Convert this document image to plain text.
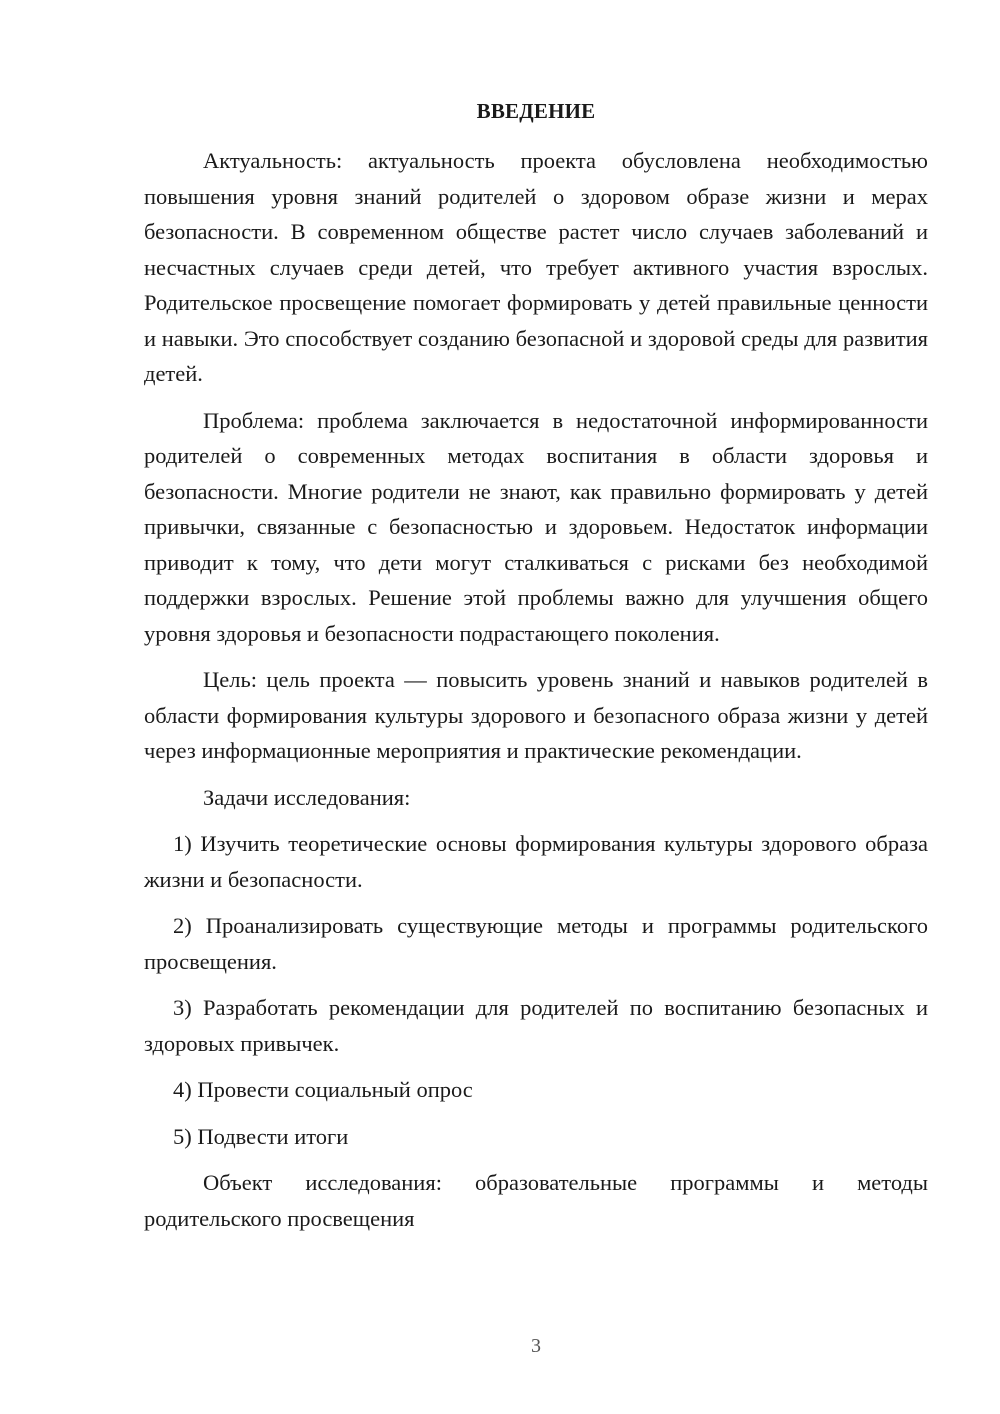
ВВЕДЕНИЕ

Актуальность: актуальность проекта обусловлена необходимостью повышения уровня знаний родителей о здоровом образе жизни и мерах безопасности. В современном обществе растет число случаев заболеваний и несчастных случаев среди детей, что требует активного участия взрослых. Родительское просвещение помогает формировать у детей правильные ценности и навыки. Это способствует созданию безопасной и здоровой среды для развития детей.

Проблема: проблема заключается в недостаточной информированности родителей о современных методах воспитания в области здоровья и безопасности. Многие родители не знают, как правильно формировать у детей привычки, связанные с безопасностью и здоровьем. Недостаток информации приводит к тому, что дети могут сталкиваться с рисками без необходимой поддержки взрослых. Решение этой проблемы важно для улучшения общего уровня здоровья и безопасности подрастающего поколения.

Цель: цель проекта — повысить уровень знаний и навыков родителей в области формирования культуры здорового и безопасного образа жизни у детей через информационные мероприятия и практические рекомендации.

Задачи исследования:

1) Изучить теоретические основы формирования культуры здорового образа жизни и безопасности.

2) Проанализировать существующие методы и программы родительского просвещения.

3) Разработать рекомендации для родителей по воспитанию безопасных и здоровых привычек.

4) Провести социальный опрос

5) Подвести итоги

Объект исследования: образовательные программы и методы родительского просвещения

3
